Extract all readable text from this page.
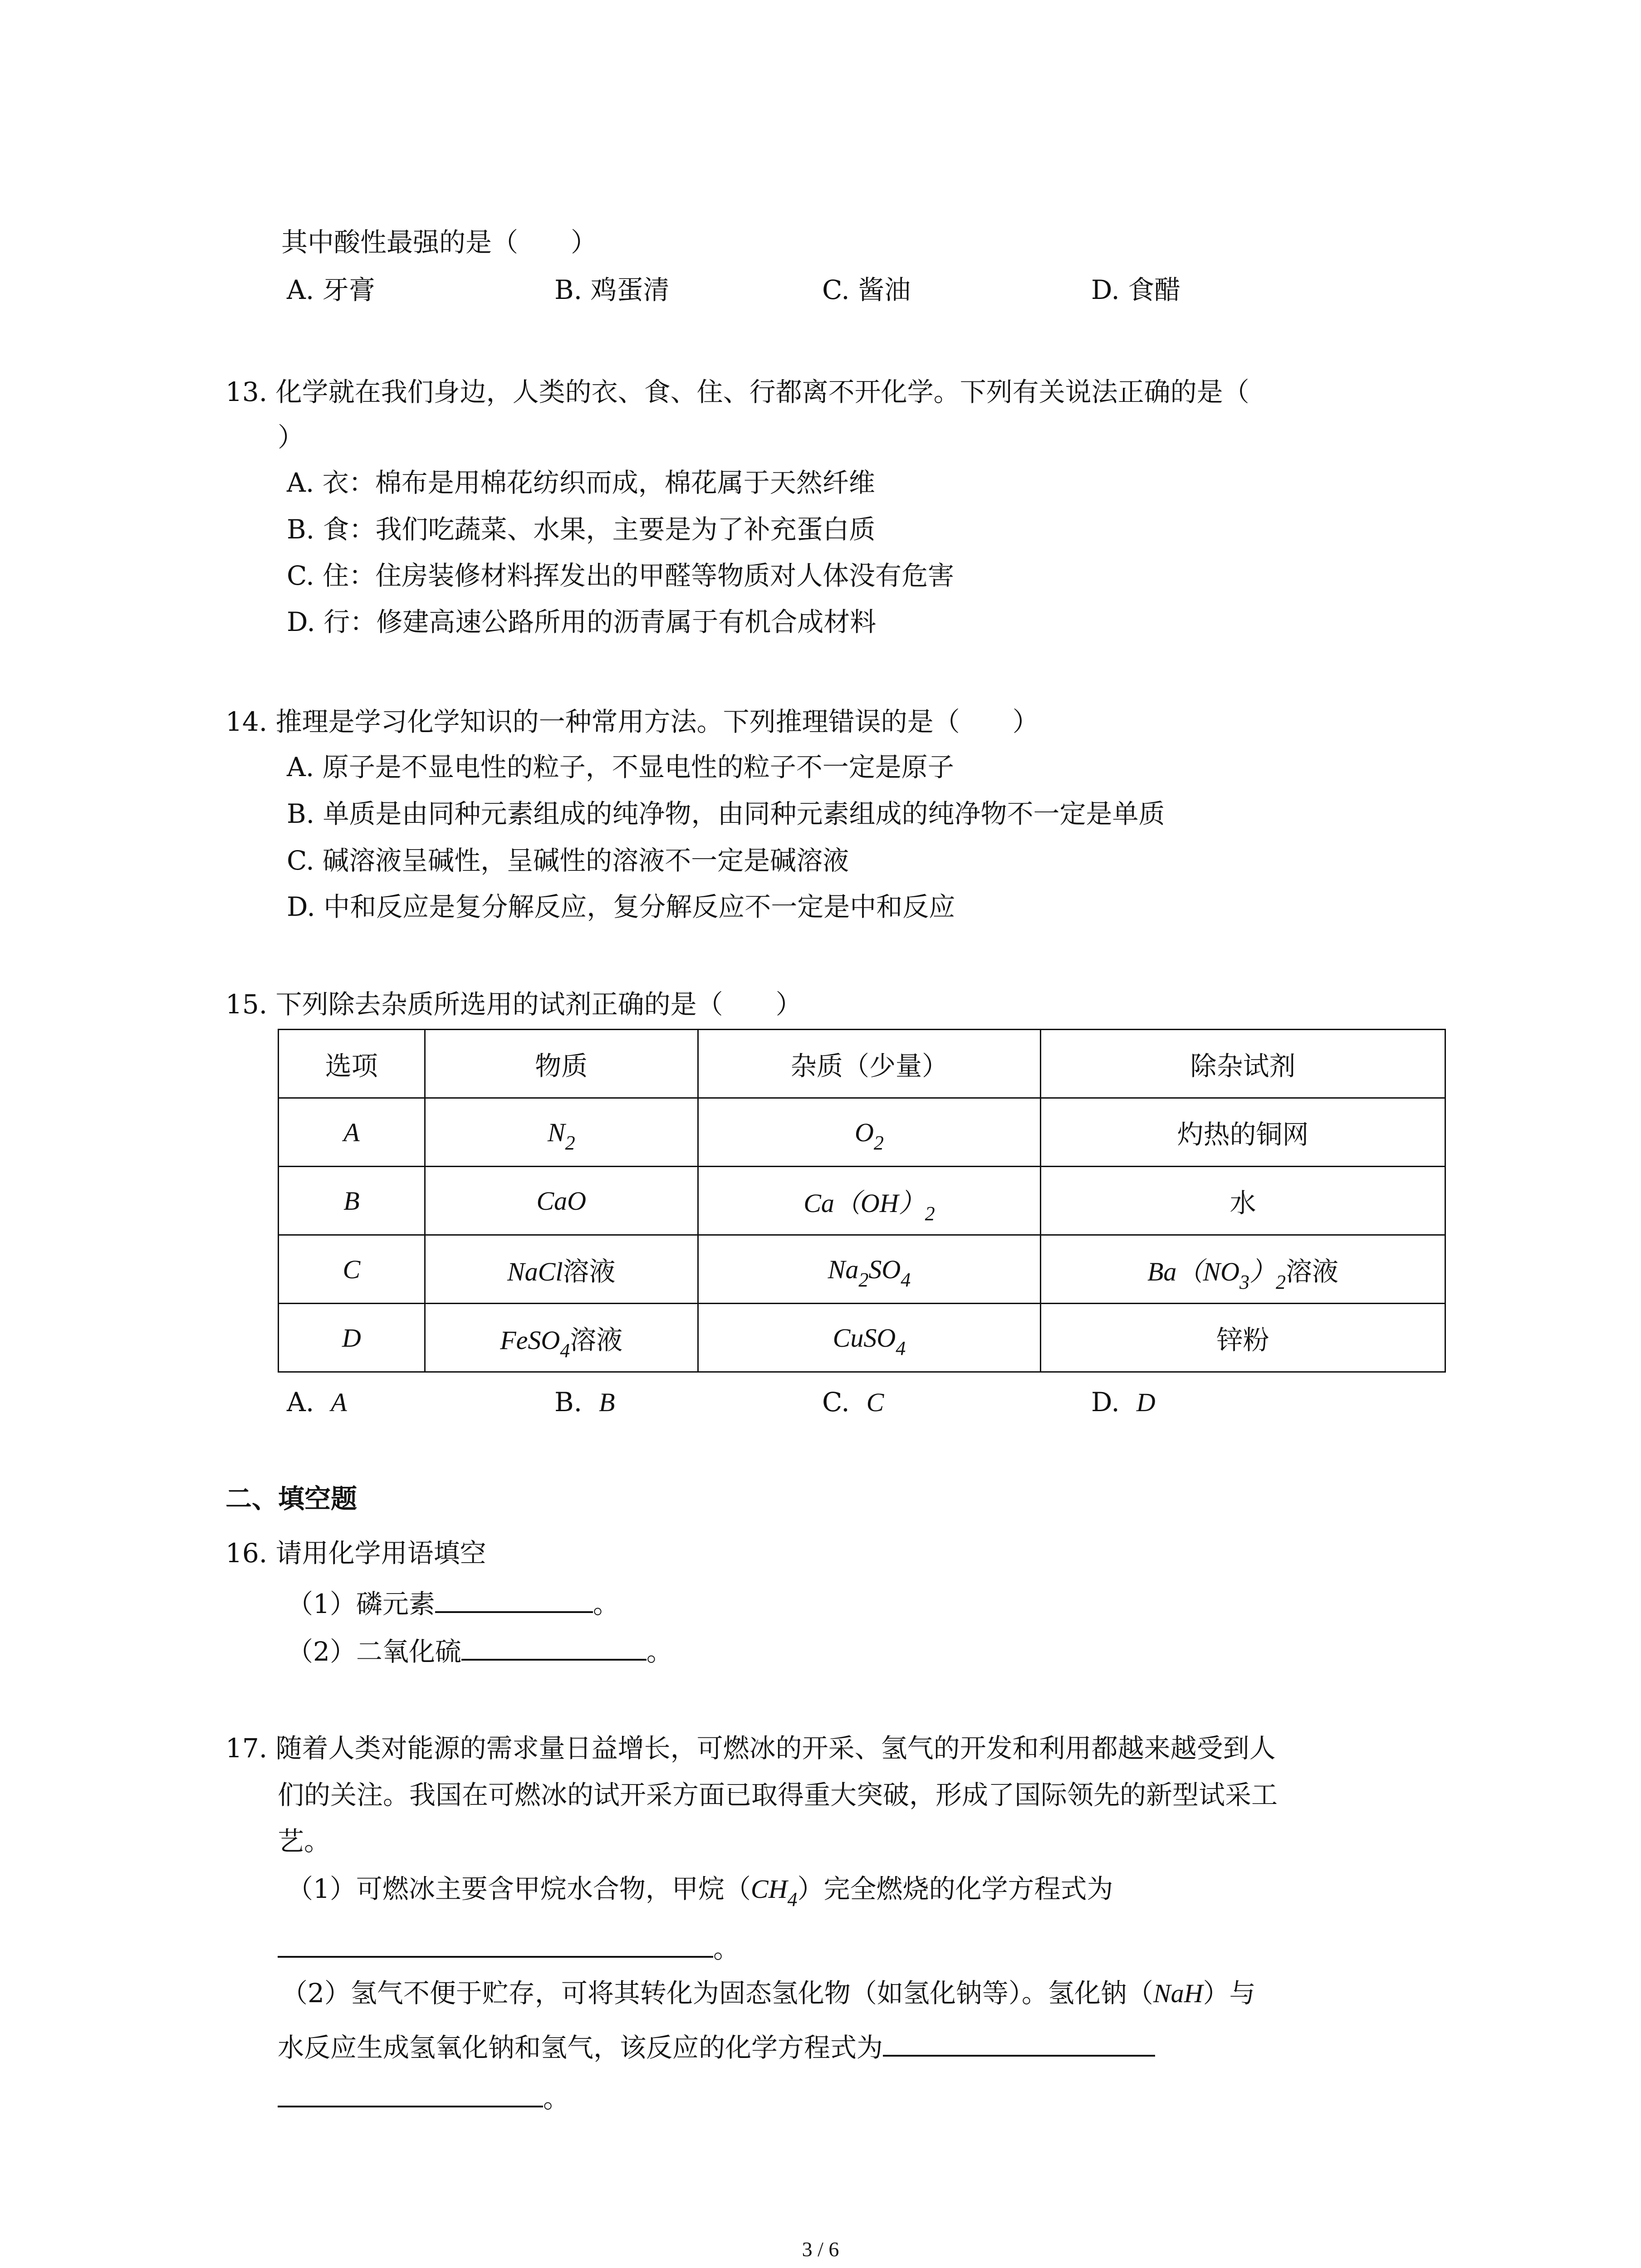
其中酸性最强的是（　　）
A. 牙膏	B. 鸡蛋清	C. 酱油	D. 食醋
13. 化学就在我们身边，人类的衣、食、住、行都离不开化学。下列有关说法正确的是（
）
A. 衣：棉布是用棉花纺织而成，棉花属于天然纤维
B. 食：我们吃蔬菜、水果，主要是为了补充蛋白质
C. 住：住房装修材料挥发出的甲醛等物质对人体没有危害
D. 行：修建高速公路所用的沥青属于有机合成材料
14. 推理是学习化学知识的一种常用方法。下列推理错误的是（　　）
A. 原子是不显电性的粒子，不显电性的粒子不一定是原子
B. 单质是由同种元素组成的纯净物，由同种元素组成的纯净物不一定是单质
C. 碱溶液呈碱性，呈碱性的溶液不一定是碱溶液
D. 中和反应是复分解反应，复分解反应不一定是中和反应
15. 下列除去杂质所选用的试剂正确的是（　　）
选项	物质	杂质（少量）	除杂试剂
A	$N_2$	$O_2$	灼热的铜网
B	CaO	$Ca(OH)_2$	水
C	NaCl溶液	$Na_2SO_4$	$Ba(NO_3)_2$溶液
D	FeSO$_4$溶液	CuSO$_4$	锌粉
A. A	B. B	C. C	D. D
二、填空题
16. 请用化学用语填空
（1）磷元素	。
（2）二氧化硫	。
17. 随着人类对能源的需求量日益增长，可燃冰的开采、氢气的开发和利用都越来越受到人
们的关注。我国在可燃冰的试开采方面已取得重大突破，形成了国际领先的新型试采工
艺。
（1）可燃冰主要含甲烷水合物，甲烷$(CH_4)$完全燃烧的化学方程式为
。
（2）氢气不便于贮存，可将其转化为固态氢化物（如氢化钠等）。氢化钠（NaH）与
水反应生成氢氧化钠和氢气，该反应的化学方程式为
。
3 / 6
